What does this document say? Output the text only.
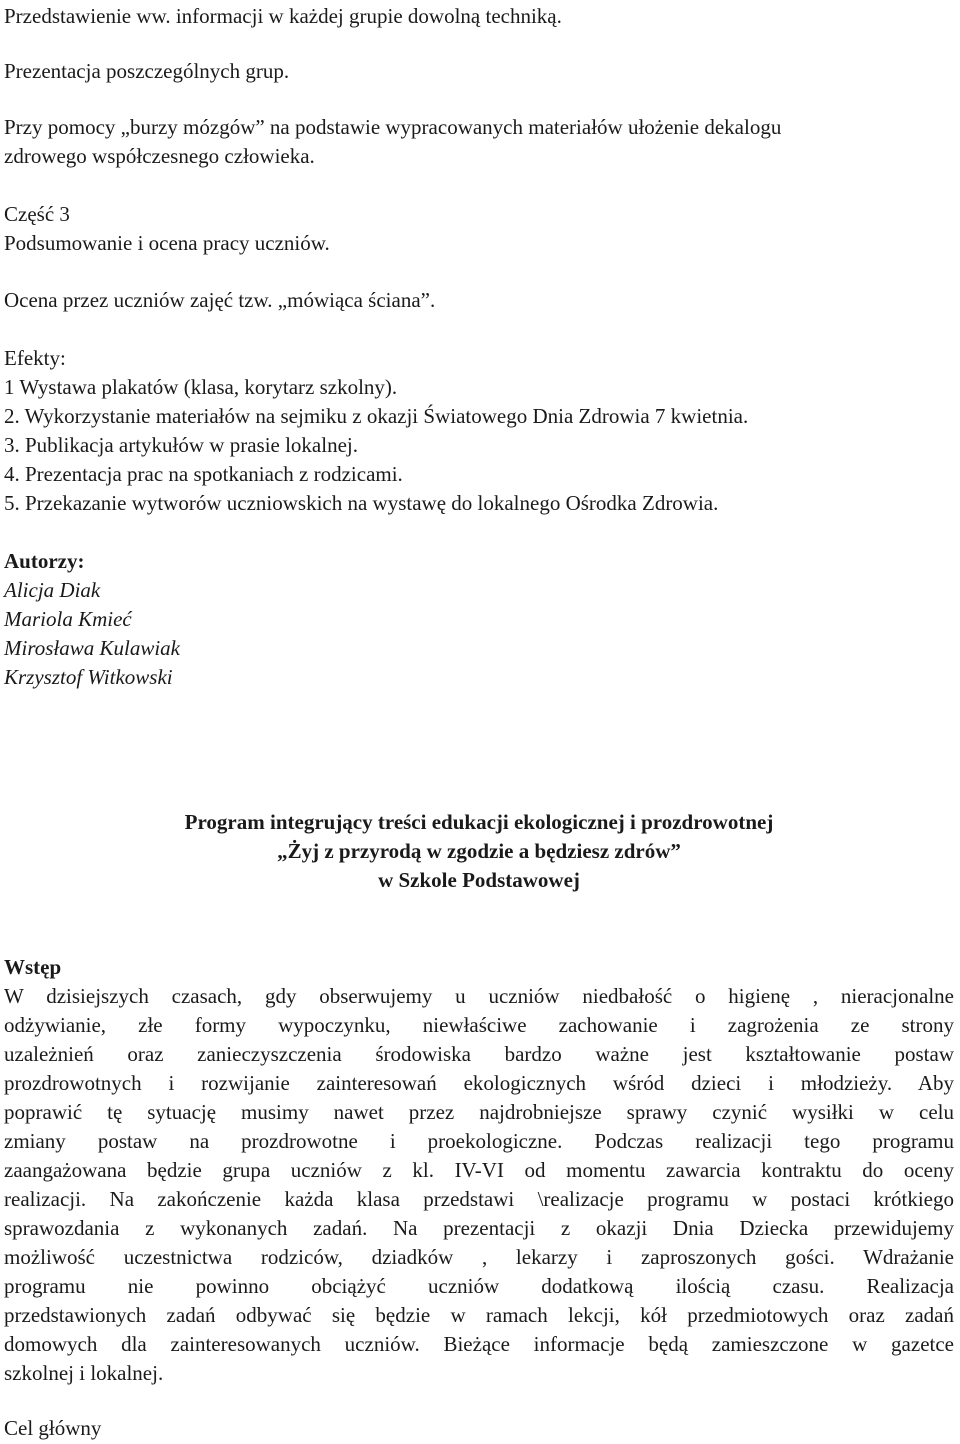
Przedstawienie ww. informacji w każdej grupie dowolną techniką.

Prezentacja poszczególnych grup.

Przy pomocy „burzy mózgów” na podstawie wypracowanych materiałów ułożenie dekalogu

zdrowego współczesnego człowieka.

Część 3

Podsumowanie i ocena pracy uczniów.

Ocena przez uczniów zajęć tzw. „mówiąca ściana”.

Efekty:

1 Wystawa plakatów (klasa, korytarz szkolny).

2. Wykorzystanie materiałów na sejmiku z okazji Światowego Dnia Zdrowia 7 kwietnia.

3. Publikacja artykułów w prasie lokalnej.

4. Prezentacja prac na spotkaniach z rodzicami.

5. Przekazanie wytworów uczniowskich na wystawę do lokalnego Ośrodka Zdrowia.

Autorzy:

Alicja Diak

Mariola Kmieć

Mirosława Kulawiak

Krzysztof Witkowski

Program integrujący treści edukacji ekologicznej i prozdrowotnej

„Żyj z przyrodą w zgodzie a będziesz zdrów”

w Szkole Podstawowej

Wstęp

W dzisiejszych czasach, gdy obserwujemy u uczniów niedbałość o higienę , nieracjonalne
odżywianie, złe formy wypoczynku, niewłaściwe zachowanie i zagrożenia ze strony
uzależnień oraz zanieczyszczenia środowiska bardzo ważne jest kształtowanie postaw
prozdrowotnych i rozwijanie zainteresowań ekologicznych wśród dzieci i młodzieży. Aby
poprawić tę sytuację musimy nawet przez najdrobniejsze sprawy czynić wysiłki w celu
zmiany postaw na prozdrowotne i proekologiczne. Podczas realizacji tego programu
zaangażowana będzie grupa uczniów z kl. IV-VI od momentu zawarcia kontraktu do oceny
realizacji. Na zakończenie każda klasa przedstawi \realizacje programu w postaci krótkiego
sprawozdania z wykonanych zadań. Na prezentacji z okazji Dnia Dziecka przewidujemy
możliwość uczestnictwa rodziców, dziadków , lekarzy i zaproszonych gości. Wdrażanie
programu nie powinno obciążyć uczniów dodatkową ilością czasu. Realizacja
przedstawionych zadań odbywać się będzie w ramach lekcji, kół przedmiotowych oraz zadań
domowych dla zainteresowanych uczniów. Bieżące informacje będą zamieszczone w gazetce
szkolnej i lokalnej.

Cel główny
